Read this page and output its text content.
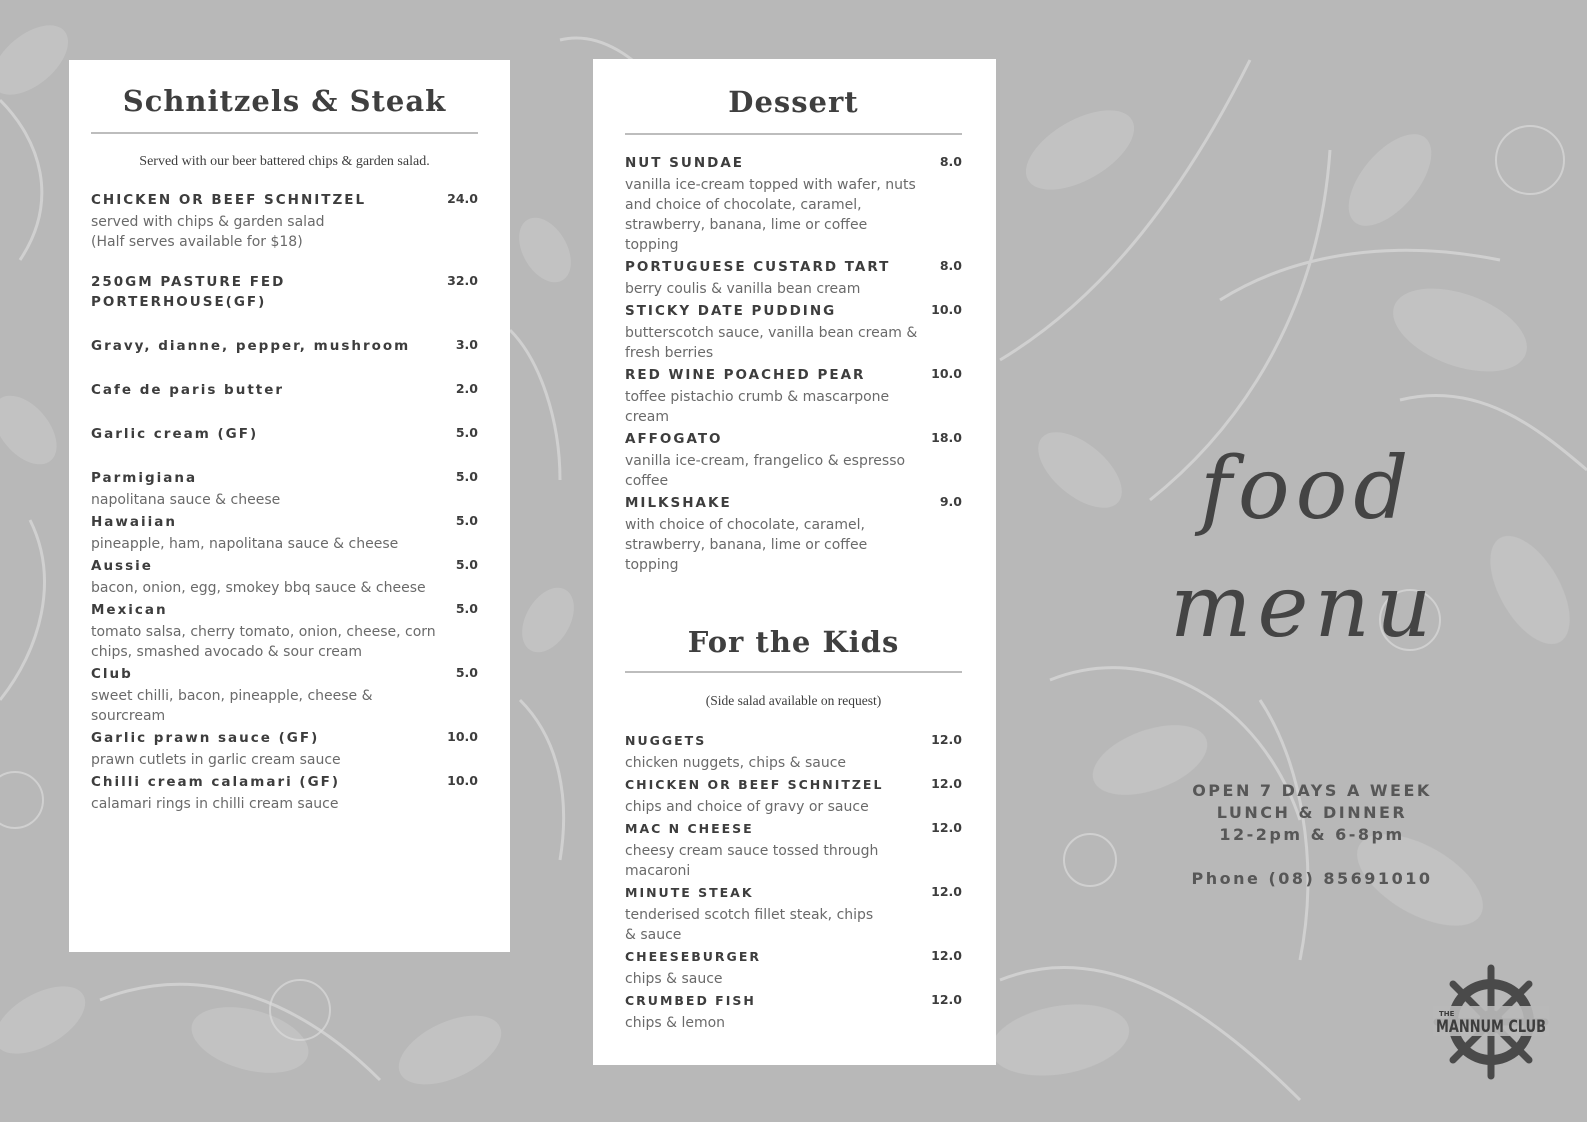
Schnitzels & Steak
Served with our beer battered chips & garden salad.
CHICKEN OR BEEF SCHNITZEL	24.0
served with chips & garden salad
(Half serves available for $18)
250GM PASTURE FED PORTERHOUSE(GF)
32.0
Gravy, dianne, pepper, mushroom	3.0
Cafe de paris butter	2.0
Garlic cream (GF)	5.0
Parmigiana	5.0
napolitana sauce & cheese
Hawaiian	5.0
pineapple, ham, napolitana sauce & cheese
Aussie	5.0
bacon, onion, egg, smokey bbq sauce & cheese
Mexican	5.0
tomato salsa, cherry tomato, onion, cheese, corn chips, smashed avocado & sour cream
Club	5.0
sweet chilli, bacon, pineapple, cheese & sourcream
Garlic prawn sauce (GF)	10.0
prawn cutlets in garlic cream sauce
Chilli cream calamari (GF)	10.0
calamari rings in chilli cream sauce
Dessert
NUT SUNDAE	8.0
vanilla ice-cream topped with wafer, nuts and choice of chocolate, caramel, strawberry, banana, lime or coffee topping
PORTUGUESE CUSTARD TART	8.0
berry coulis & vanilla bean cream
STICKY DATE PUDDING	10.0
butterscotch sauce, vanilla bean cream & fresh berries
RED WINE POACHED PEAR	10.0
toffee pistachio crumb & mascarpone cream
AFFOGATO	18.0
vanilla ice-cream, frangelico & espresso coffee
MILKSHAKE	9.0
with choice of chocolate, caramel, strawberry, banana, lime or coffee topping
For the Kids
(Side salad available on request)
NUGGETS	12.0
chicken nuggets, chips & sauce
CHICKEN OR BEEF SCHNITZEL	12.0
chips and choice of gravy or sauce
MAC N CHEESE	12.0
cheesy cream sauce tossed through macaroni
MINUTE STEAK	12.0
tenderised scotch fillet steak, chips & sauce
CHEESEBURGER	12.0
chips & sauce
CRUMBED FISH	12.0
chips & lemon
food
menu
OPEN 7 DAYS A WEEK
LUNCH & DINNER
12-2pm & 6-8pm
Phone (08) 85691010
THE
MANNUM CLUB
